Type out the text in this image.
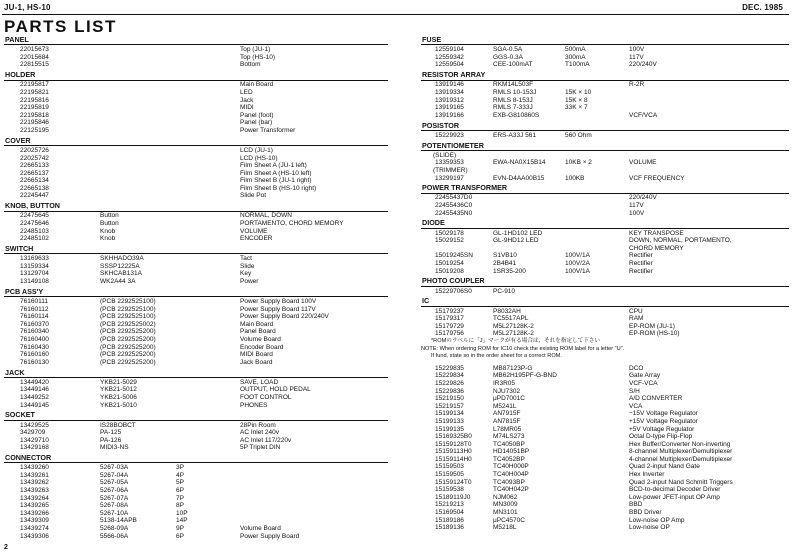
JU-1, HS-10	DEC. 1985
PARTS LIST
PANEL
22015673	Top (JU-1)
22015684	Top (HS-10)
22815515	Bottom
HOLDER
22195817	Main Board
22195821	LED
22195816	Jack
22195819	MIDI
22195818	Panel (foot)
22195846	Panel (bar)
22125195	Power Transformer
COVER
22025726	LCD (JU-1)
22025742	LCD (HS-10)
22665133	Film Sheet A (JU-1 left)
22665137	Film Sheet A (HS-10 left)
22665134	Film Sheet B (JU-1 right)
22665138	Film Sheet B (HS-10 right)
22245447	Slide Pot
KNOB, BUTTON
22475645	Button	NORMAL, DOWN
22475646	Button	PORTAMENTO, CHORD MEMORY
22485103	Knob	VOLUME
22485102	Knob	ENCODER
SWITCH
13169633	SKHHADO39A	Tact
13159334	SSSP12225A	Slide
13129704	SKHCAB131A	Key
13149108	WK2A44 3A	Power
PCB ASS'Y
76160111	(PCB 2292525100)	Power Supply Board 100V
76160112	(PCB 2292525100)	Power Supply Board 117V
76160114	(PCB 2292525100)	Power Supply Board 220/240V
76160370	(PCB 2292525002)	Main Board
76160340	(PCB 2292525200)	Panel Board
76160400	(PCB 2292525200)	Volume Board
76160430	(PCB 2292525200)	Encoder Board
76160160	(PCB 2292525200)	MIDI Board
76160130	(PCB 2292525200)	Jack Board
JACK
13449420	YKB21-5029	SAVE, LOAD
13449146	YKB21-5012	OUTPUT, HOLD PEDAL
13449252	YKB21-5006	FOOT CONTROL
13449145	YKB21-5010	PHONES
SOCKET
13429525	IS28BOBCT	28Pin Room
3429709	PA-125	AC Inlet 240v
13429710	PA-126	AC Inlet 117/220v
13429168	MIDI3-NS	5P Triplet DIN
CONNECTOR
13439260	5267-03A	3P
13439261	5267-04A	4P
13439262	5267-05A	5P
13439263	5267-06A	6P
13439264	5267-07A	7P
13439265	5267-08A	8P
13439266	5267-10A	10P
13439309	5138-14APB	14P
13439274	5268-09A	9P	Volume Board
13439306	5566-06A	6P	Power Supply Board
FUSE
12559104	SGA-0.5A	500mA	100V
12559342	GGS-0.3A	300mA	117V
12559504	CEE-100mAT	T100mA	220/240V
RESISTOR ARRAY
13919146	RKM14L503F	R-2R
13919334	RMLS 10-153J	15K × 10
13919312	RMLS 8-153J	15K × 8
13919165	RMLS 7-333J	33K × 7
13919166	EXB-G810860S	VCF/VCA
POSISTOR
15229923	ERS-A33J 561	560 Ohm
POTENTIOMETER
(SLIDE)
13359353	EWA-NA0X15B14	10KB × 2	VOLUME
(TRIMMER)
13299197	EVN-D4AA00B15	100KB	VCF FREQUENCY
POWER TRANSFORMER
22455437D0	220/240V
22455436C0	117V
22455435N0	100V
DIODE
15029178	GL-1HD102 LED	KEY TRANSPOSE
15029152	GL-9HD12 LED	DOWN, NORMAL, PORTAMENTO,
CHORD MEMORY
15019245SN	S1VB10	100V/1A	Rectifier
15019254	2B4B41	100V/2A	Rectifier
15019208	1SR35-200	100V/1A	Rectifier
PHOTO COUPLER
15229706S0	PC-910
IC
15179237	P8032AH	CPU
15179317	TC5517APL	RAM
15179729	M5L27128K-2	EP-ROM (JU-1)
15179756	M5L27128K-2	EP-ROM (HS-10)
*ROMのラベルに「J」マークが有る場合は，それを指定して下さい
NOTE: When ordering ROM for IC10 check the existing ROM label for a letter "U".
If fund, state so in the order sheet for a correct ROM.
15229835	MB87123P-G	DCO
15229834	MB62H195PF-G-BND	Gate Array
15229826	IR3R05	VCF-VCA
15229836	NJU7302	S/H
15219150	μPD7001C	A/D CONVERTER
15219157	M5241L	VCA
15199134	AN7915F	−15V Voltage Regulator
15199133	AN7815F	+15V Voltage Regulator
15199135	L78MR05	+5V Voltage Regulator
15169325B0	M74LS273	Octal D-type Flip-Flop
15159128T0	TC4050BP	Hex Buffer/Converter Non-inverting
15159113H0	HD14051BP	8-channel Multiplexer/Demultiplexer
15159114H0	TC4052BP	4-channel Multiplexer/Demultiplexer
15159503	TC40H000P	Quad 2-input Nand Gate
15159505	TC40H004P	Hex Inverter
15159124T0	TC4093BP	Quad 2-input Nand Schmitt Triggers
15159538	TC40H042P	BCD-to-decimal Decoder Driver
15189119J0	NJM062	Low-power JFET-input OP Amp
15219213	MN3009	BBD
15169504	MN3101	BBD Driver
15189186	μPC4570C	Low-noise OP Amp
15189136	M5218L	Low-noise OP
2
